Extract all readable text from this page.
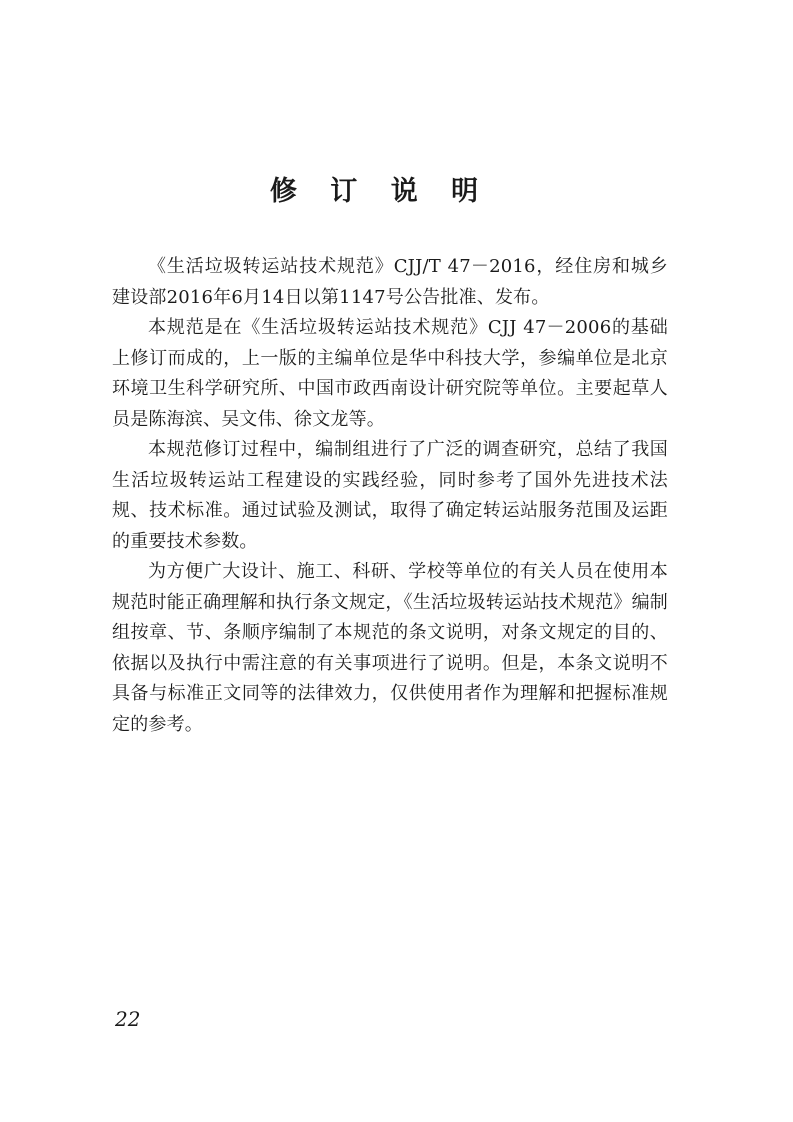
修 订 说 明

《生活垃圾转运站技术规范》CJJ/T 47－2016，经住房和城乡建设部2016年6月14日以第1147号公告批准、发布。

本规范是在《生活垃圾转运站技术规范》CJJ 47－2006的基础上修订而成的，上一版的主编单位是华中科技大学，参编单位是北京环境卫生科学研究所、中国市政西南设计研究院等单位。主要起草人员是陈海滨、吴文伟、徐文龙等。

本规范修订过程中，编制组进行了广泛的调查研究，总结了我国生活垃圾转运站工程建设的实践经验，同时参考了国外先进技术法规、技术标准。通过试验及测试，取得了确定转运站服务范围及运距的重要技术参数。

为方便广大设计、施工、科研、学校等单位的有关人员在使用本规范时能正确理解和执行条文规定，《生活垃圾转运站技术规范》编制组按章、节、条顺序编制了本规范的条文说明，对条文规定的目的、依据以及执行中需注意的有关事项进行了说明。但是，本条文说明不具备与标准正文同等的法律效力，仅供使用者作为理解和把握标准规定的参考。

22
